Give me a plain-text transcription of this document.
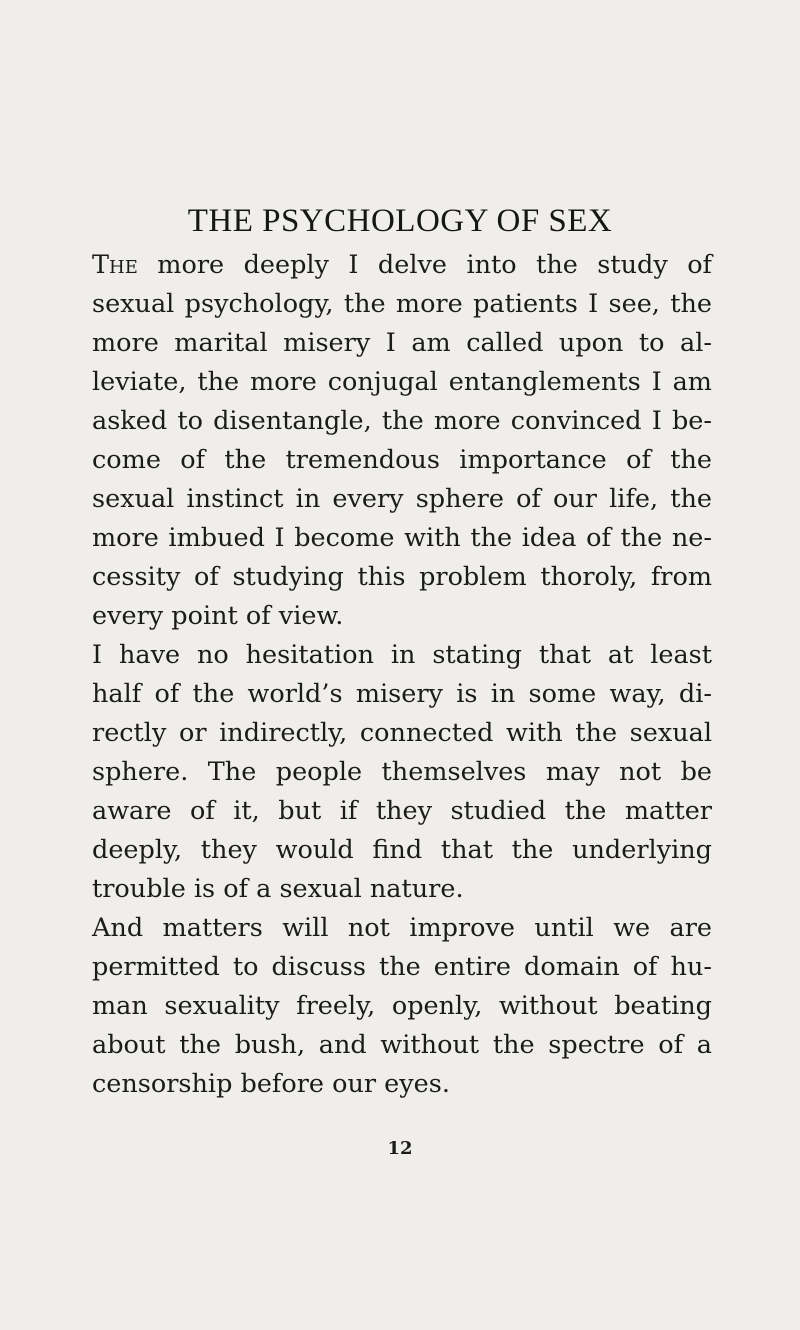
THE PSYCHOLOGY OF SEX

The more deeply I delve into the study of
sexual psychology, the more patients I see, the
more marital misery I am called upon to al-
leviate, the more conjugal entanglements I am
asked to disentangle, the more convinced I be-
come of the tremendous importance of the
sexual instinct in every sphere of our life, the
more imbued I become with the idea of the ne-
cessity of studying this problem thoroly, from
every point of view.

I have no hesitation in stating that at least
half of the world’s misery is in some way, di-
rectly or indirectly, connected with the sexual
sphere. The people themselves may not be
aware of it, but if they studied the matter
deeply, they would find that the underlying
trouble is of a sexual nature.

And matters will not improve until we are
permitted to discuss the entire domain of hu-
man sexuality freely, openly, without beating
about the bush, and without the spectre of a
censorship before our eyes.

12
